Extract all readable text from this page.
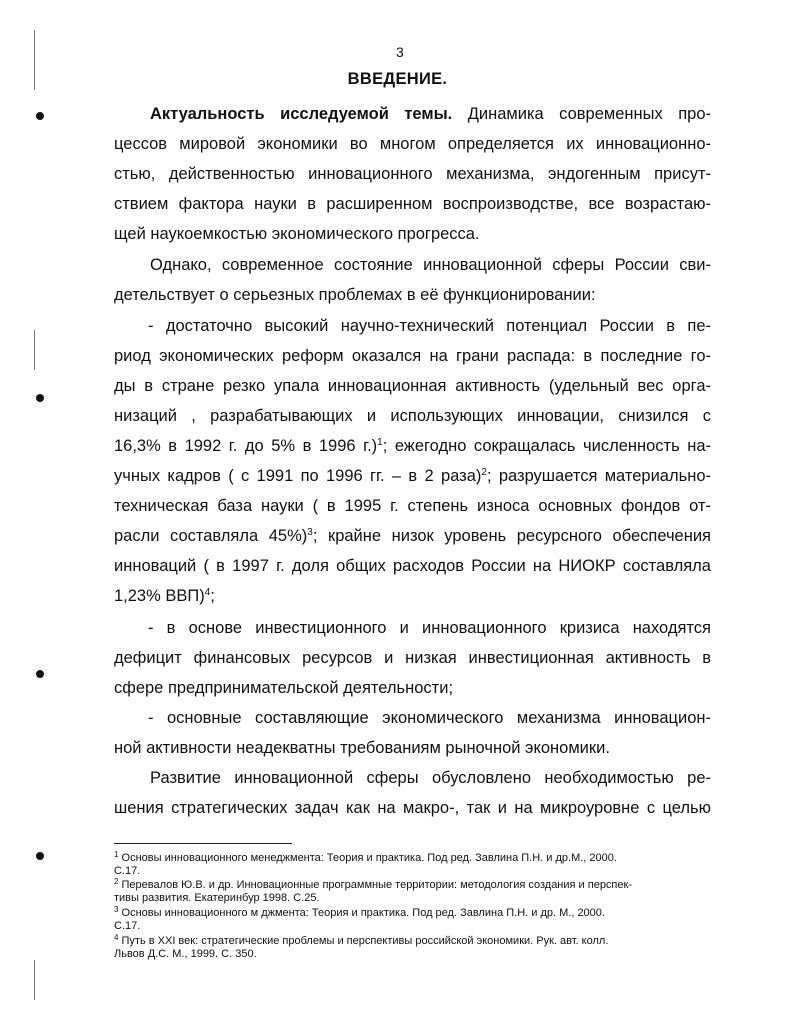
3
ВВЕДЕНИЕ.
Актуальность исследуемой темы. Динамика современных про-
цессов мировой экономики во многом определяется их инновационно-
стью, действенностью инновационного механизма, эндогенным присут-
ствием фактора науки в расширенном воспроизводстве, все возрастаю-
щей наукоемкостью экономического прогресса.
Однако, современное состояние инновационной сферы России сви-
детельствует о серьезных проблемах в её функционировании:
- достаточно высокий научно-технический потенциал России в пе-
риод экономических реформ оказался на грани распада: в последние го-
ды в стране резко упала инновационная активность (удельный вес орга-
низаций , разрабатывающих и использующих инновации, снизился с
16,3% в 1992 г. до 5% в 1996 г.)$^1$; ежегодно сокращалась численность на-
учных кадров ( с 1991 по 1996 гг. – в 2 раза)$^2$; разрушается материально-
техническая база науки ( в 1995 г. степень износа основных фондов от-
расли составляла 45%)$^3$; крайне низок уровень ресурсного обеспечения
инноваций ( в 1997 г. доля общих расходов России на НИОКР составляла
1,23% ВВП)$^4$;
- в основе инвестиционного и инновационного кризиса находятся
дефицит финансовых ресурсов и низкая инвестиционная активность в
сфере предпринимательской деятельности;
- основные составляющие экономического механизма инновацион-
ной активности неадекватны требованиям рыночной экономики.
Развитие инновационной сферы обусловлено необходимостью ре-
шения стратегических задач как на макро-, так и на микроуровне с целью
$^1$ Основы инновационного менеджмента: Теория и практика. Под ред. Завлина П.Н. и др.М., 2000.
С.17.
$^2$ Перевалов Ю.В. и др. Инновационные программные территории: методология создания и перспек-
тивы развития. Екатеринбур 1998. С.25.
$^3$ Основы инновационного м джмента: Теория и практика. Под ред. Завлина П.Н. и др. М., 2000.
С.17.
$^4$ Путь в XXI век: стратегические проблемы и перспективы российской экономики. Рук. авт. колл.
Львов Д.С. М., 1999. С. 350.
